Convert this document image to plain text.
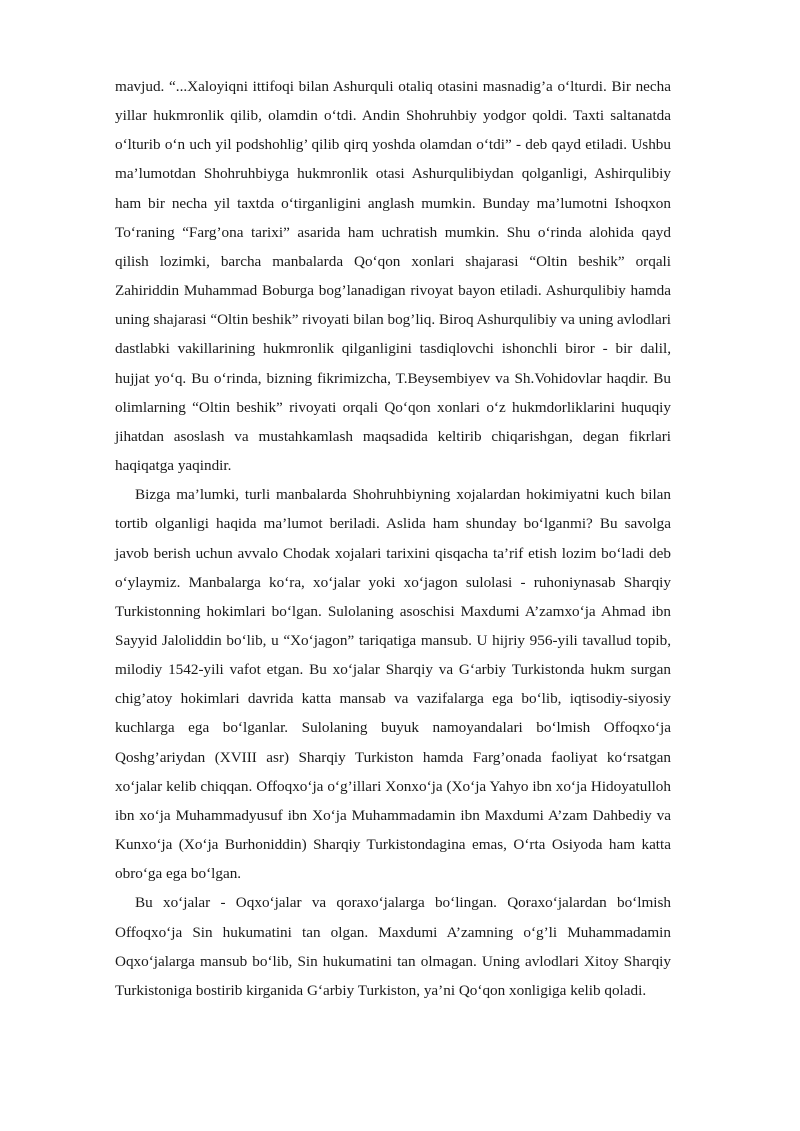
mavjud. “...Xaloyiqni ittifoqi bilan Ashurquli otaliq otasini masnadig’a o‘lturdi. Bir necha yillar hukmronlik qilib, olamdin o‘tdi. Andin Shohruhbiy yodgor qoldi. Taxti saltanatda o‘lturib o‘n uch yil podshohlig’ qilib qirq yoshda olamdan o‘tdi” - deb qayd etiladi. Ushbu ma’lumotdan Shohruhbiyga hukmronlik otasi Ashurqulibiydan qolganligi, Ashirqulibiy ham bir necha yil taxtda o‘tirganligini anglash mumkin. Bunday ma’lumotni Ishoqxon To‘raning “Farg’ona tarixi” asarida ham uchratish mumkin. Shu o‘rinda alohida qayd qilish lozimki, barcha manbalarda Qo‘qon xonlari shajarasi “Oltin beshik” orqali Zahiriddin Muhammad Boburga bog’lanadigan rivoyat bayon etiladi. Ashurqulibiy hamda uning shajarasi “Oltin beshik” rivoyati bilan bog’liq. Biroq Ashurqulibiy va uning avlodlari dastlabki vakillarining hukmronlik qilganligini tasdiqlovchi ishonchli biror - bir dalil, hujjat yo‘q. Bu o‘rinda, bizning fikrimizcha, T.Beysembiyev va Sh.Vohidovlar haqdir. Bu olimlarning “Oltin beshik” rivoyati orqali Qo‘qon xonlari o‘z hukmdorliklarini huquqiy jihatdan asoslash va mustahkamlash maqsadida keltirib chiqarishgan, degan fikrlari haqiqatga yaqindir.

Bizga ma’lumki, turli manbalarda Shohruhbiyning xojalardan hokimiyatni kuch bilan tortib olganligi haqida ma’lumot beriladi. Aslida ham shunday bo‘lganmi? Bu savolga javob berish uchun avvalo Chodak xojalari tarixini qisqacha ta’rif etish lozim bo‘ladi deb o‘ylaymiz. Manbalarga ko‘ra, xo‘jalar yoki xo‘jagon sulolasi - ruhoniynasab Sharqiy Turkistonning hokimlari bo‘lgan. Sulolaning asoschisi Maxdumi A’zamxo‘ja Ahmad ibn Sayyid Jaloliddin bo‘lib, u “Xo‘jagon” tariqatiga mansub. U hijriy 956-yili tavallud topib, milodiy 1542-yili vafot etgan. Bu xo‘jalar Sharqiy va G‘arbiy Turkistonda hukm surgan chig’atoy hokimlari davrida katta mansab va vazifalarga ega bo‘lib, iqtisodiy-siyosiy kuchlarga ega bo‘lganlar. Sulolaning buyuk namoyandalari bo‘lmish Offoqxo‘ja Qoshg’ariydan (XVIII asr) Sharqiy Turkiston hamda Farg’onada faoliyat ko‘rsatgan xo‘jalar kelib chiqqan. Offoqxo‘ja o‘g’illari Xonxo‘ja (Xo‘ja Yahyo ibn xo‘ja Hidoyatulloh ibn xo‘ja Muhammadyusuf ibn Xo‘ja Muhammadamin ibn Maxdumi A’zam Dahbediy va Kunxo‘ja (Xo‘ja Burhoniddin) Sharqiy Turkistondagina emas, O‘rta Osiyoda ham katta obro‘ga ega bo‘lgan.

Bu xo‘jalar - Oqxo‘jalar va qoraxo‘jalarga bo‘lingan. Qoraxo‘jalardan bo‘lmish Offoqxo‘ja Sin hukumatini tan olgan. Maxdumi A’zamning o‘g’li Muhammadamin Oqxo‘jalarga mansub bo‘lib, Sin hukumatini tan olmagan. Uning avlodlari Xitoy Sharqiy Turkistoniga bostirib kirganida G‘arbiy Turkiston, ya’ni Qo‘qon xonligiga kelib qoladi.
